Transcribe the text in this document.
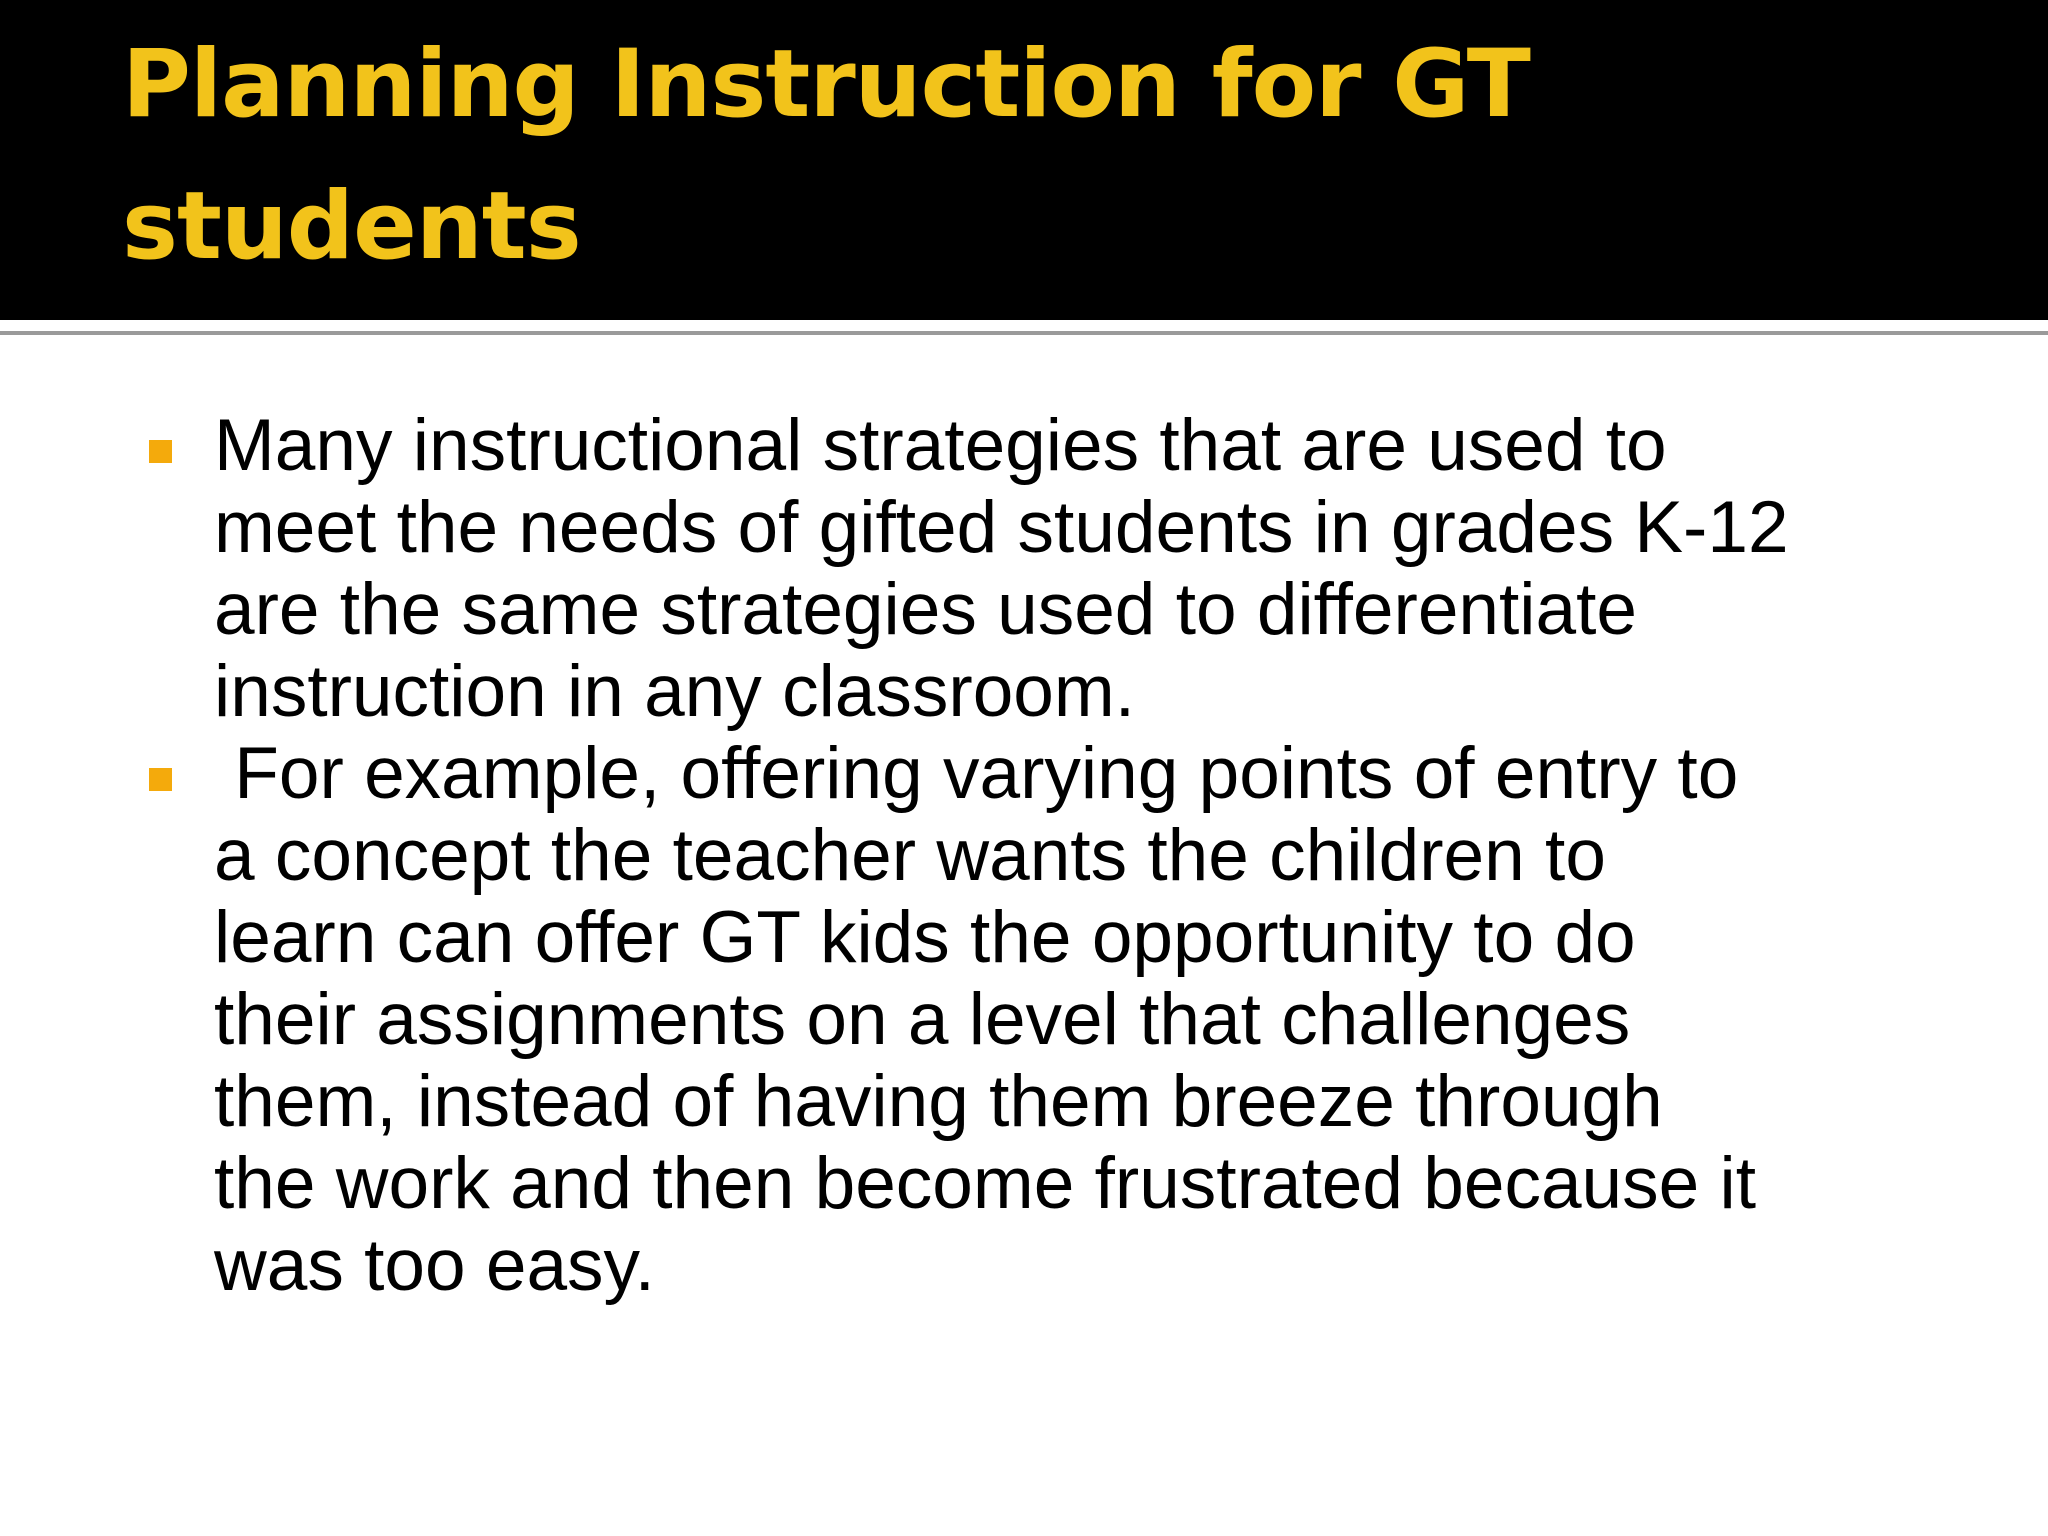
Planning Instruction for GT
students
Many instructional strategies that are used to
meet the needs of gifted students in grades K-12
are the same strategies used to differentiate
instruction in any classroom.
For example, offering varying points of entry to
a concept the teacher wants the children to
learn can offer GT kids the opportunity to do
their assignments on a level that challenges
them, instead of having them breeze through
the work and then become frustrated because it
was too easy.
